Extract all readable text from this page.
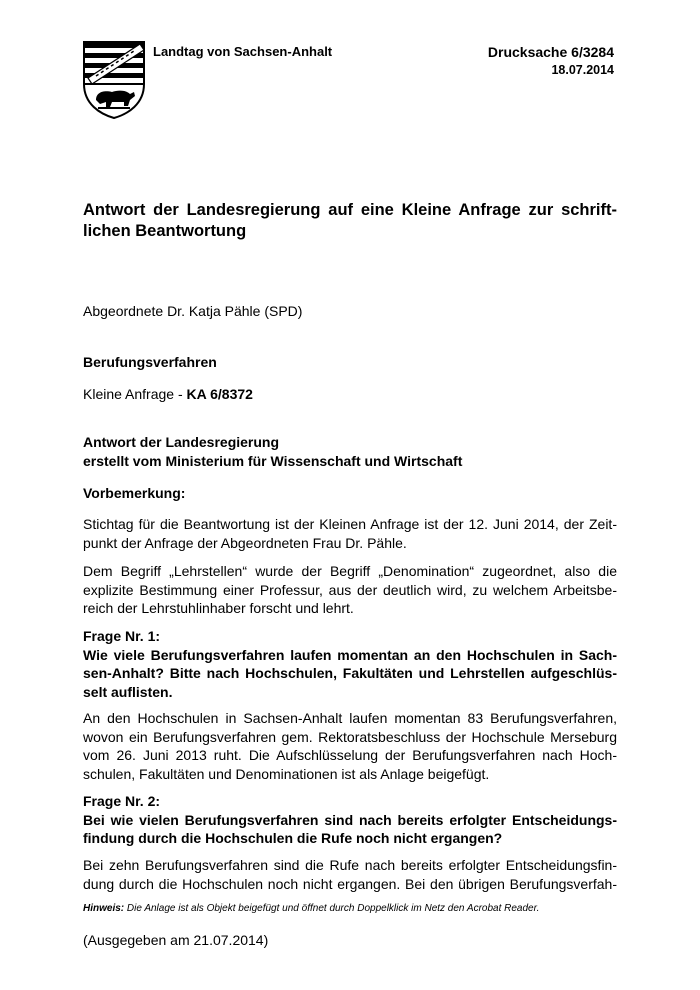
Landtag von Sachsen-Anhalt	Drucksache 6/3284
18.07.2014
Antwort der Landesregierung auf eine Kleine Anfrage zur schrift-
lichen Beantwortung
Abgeordnete Dr. Katja Pähle (SPD)
Berufungsverfahren
Kleine Anfrage - KA 6/8372
Antwort der Landesregierung
erstellt vom Ministerium für Wissenschaft und Wirtschaft
Vorbemerkung:
Stichtag für die Beantwortung ist der Kleinen Anfrage ist der 12. Juni 2014, der Zeit-
punkt der Anfrage der Abgeordneten Frau Dr. Pähle.
Dem Begriff „Lehrstellen“ wurde der Begriff „Denomination“ zugeordnet, also die
explizite Bestimmung einer Professur, aus der deutlich wird, zu welchem Arbeitsbe-
reich der Lehrstuhlinhaber forscht und lehrt.
Frage Nr. 1:
Wie viele Berufungsverfahren laufen momentan an den Hochschulen in Sach-
sen-Anhalt? Bitte nach Hochschulen, Fakultäten und Lehrstellen aufgeschlüs-
selt auflisten.
An den Hochschulen in Sachsen-Anhalt laufen momentan 83 Berufungsverfahren,
wovon ein Berufungsverfahren gem. Rektoratsbeschluss der Hochschule Merseburg
vom 26. Juni 2013 ruht. Die Aufschlüsselung der Berufungsverfahren nach Hoch-
schulen, Fakultäten und Denominationen ist als Anlage beigefügt.
Frage Nr. 2:
Bei wie vielen Berufungsverfahren sind nach bereits erfolgter Entscheidungs-
findung durch die Hochschulen die Rufe noch nicht ergangen?
Bei zehn Berufungsverfahren sind die Rufe nach bereits erfolgter Entscheidungsfin-
dung durch die Hochschulen noch nicht ergangen. Bei den übrigen Berufungsverfah-
Hinweis: Die Anlage ist als Objekt beigefügt und öffnet durch Doppelklick im Netz den Acrobat Reader.
(Ausgegeben am 21.07.2014)
